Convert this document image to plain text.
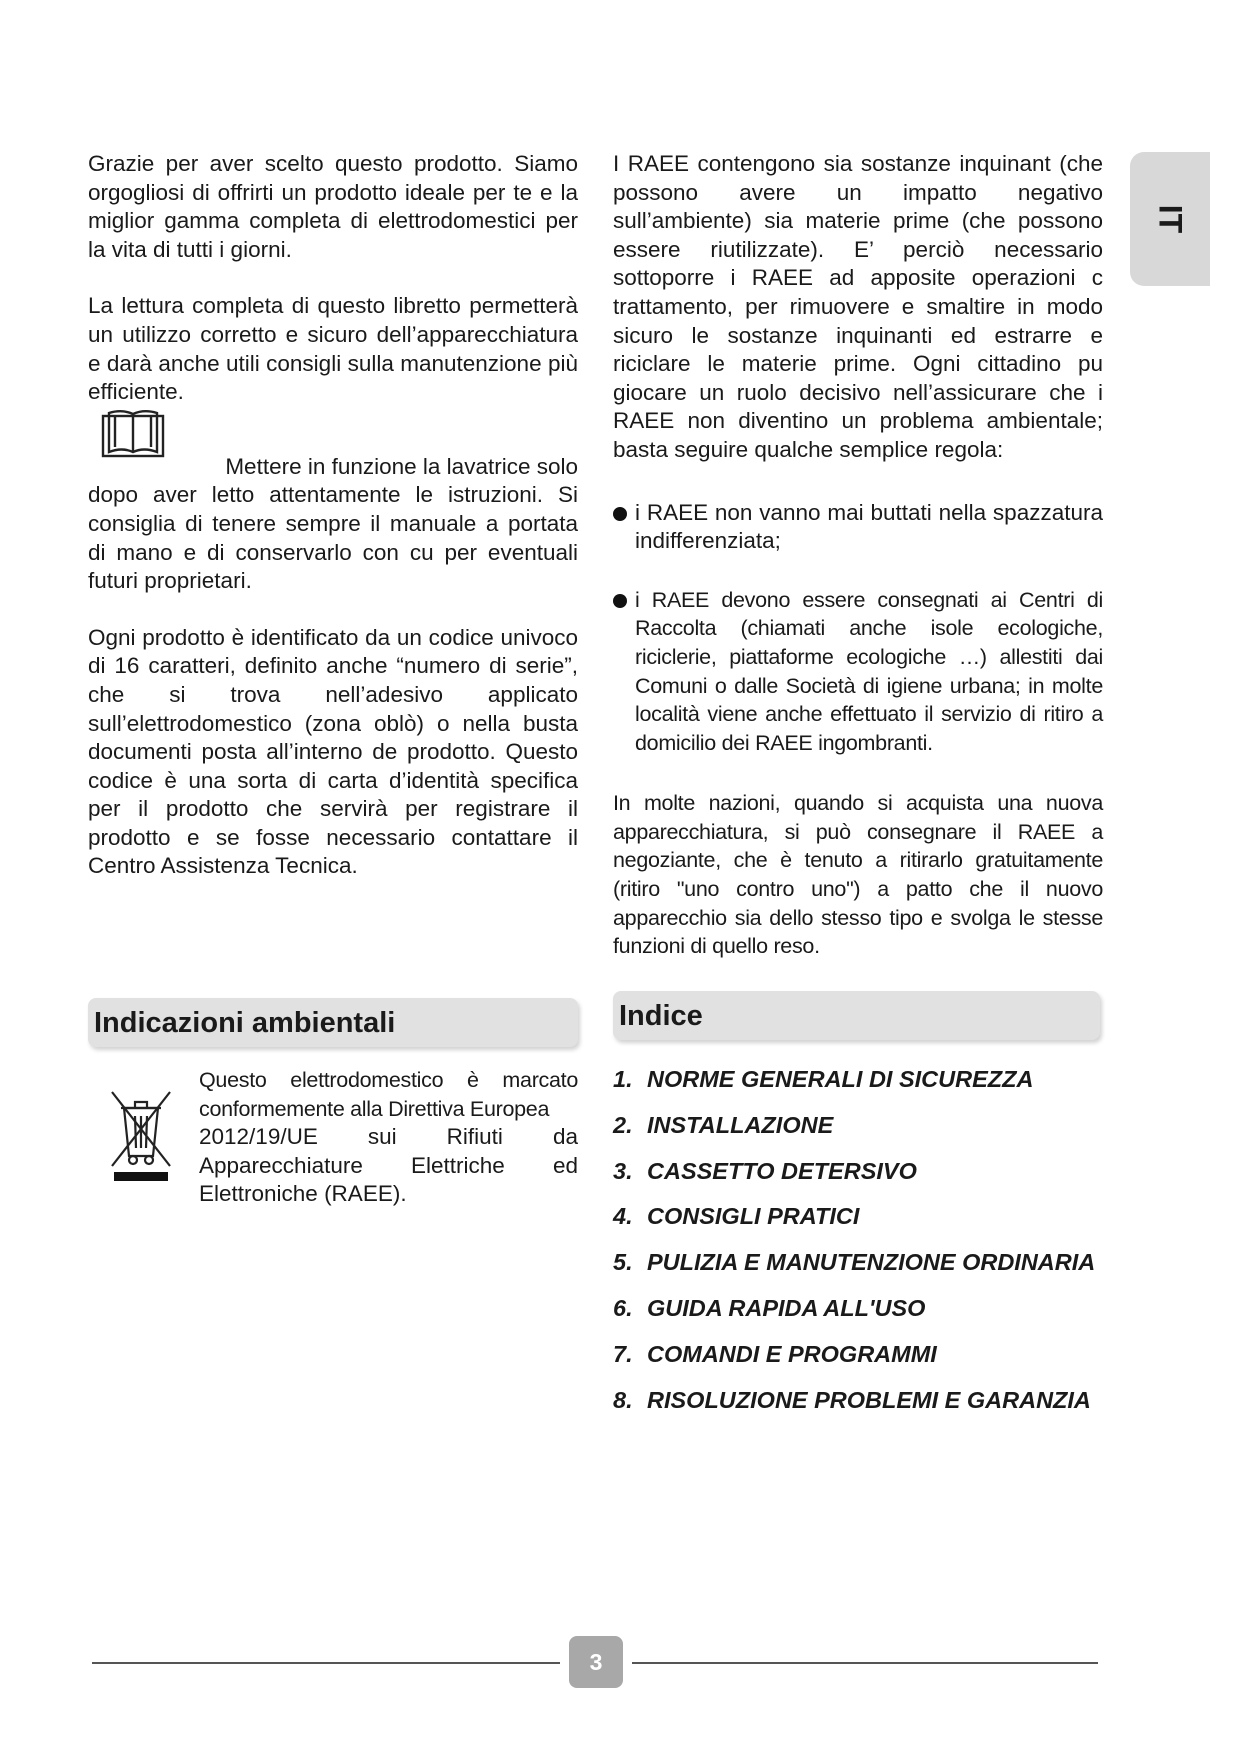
IT

Grazie per aver scelto questo prodotto. Siamo orgogliosi di offrirti un prodotto ideale per te e la miglior gamma completa di elettrodomestici per la vita di tutti i giorni.

La lettura completa di questo libretto permetterà un utilizzo corretto e sicuro dell’apparecchiatura e darà anche utili consigli sulla manutenzione più efficiente.

Mettere in funzione la lavatrice solo

dopo aver letto attentamente le istruzioni. Si consiglia di tenere sempre il manuale a portata di mano e di conservarlo con cu per eventuali futuri proprietari.

Ogni prodotto è identificato da un codice univoco di 16 caratteri, definito anche “numero di serie”, che si trova nell’adesivo applicato sull’elettrodomestico (zona oblò) o nella busta documenti posta all’interno de prodotto. Questo codice è una sorta di carta d’identità specifica per il prodotto che servirà per registrare il prodotto e se fosse necessario contattare il Centro Assistenza Tecnica.

Indicazioni ambientali

Questo elettrodomestico è marcato conformemente alla Direttiva Europea

2012/19/UE sui Rifiuti da Apparecchiature Elettriche ed Elettroniche (RAEE).

I RAEE contengono sia sostanze inquinant (che possono avere un impatto negativo sull’ambiente) sia materie prime (che possono essere riutilizzate). E’ perciò necessario sottoporre i RAEE ad apposite operazioni c trattamento, per rimuovere e smaltire in modo sicuro le sostanze inquinanti ed estrarre e riciclare le materie prime. Ogni cittadino pu giocare un ruolo decisivo nell’assicurare che i RAEE non diventino un problema ambientale; basta seguire qualche semplice regola:

i RAEE non vanno mai buttati nella spazzatura indifferenziata;

i RAEE devono essere consegnati ai Centri di Raccolta (chiamati anche isole ecologiche, riciclerie, piattaforme ecologiche …) allestiti dai Comuni o dalle Società di igiene urbana; in molte località viene anche effettuato il servizio di ritiro a domicilio dei RAEE ingombranti.

In molte nazioni, quando si acquista una nuova apparecchiatura, si può consegnare il RAEE a negoziante, che è tenuto a ritirarlo gratuitamente (ritiro "uno contro uno") a patto che il nuovo apparecchio sia dello stesso tipo e svolga le stesse funzioni di quello reso.

Indice
1. NORME GENERALI DI SICUREZZA
2. INSTALLAZIONE
3. CASSETTO DETERSIVO
4. CONSIGLI PRATICI
5. PULIZIA E MANUTENZIONE ORDINARIA
6. GUIDA RAPIDA ALL'USO
7. COMANDI E PROGRAMMI
8. RISOLUZIONE PROBLEMI E GARANZIA
3
